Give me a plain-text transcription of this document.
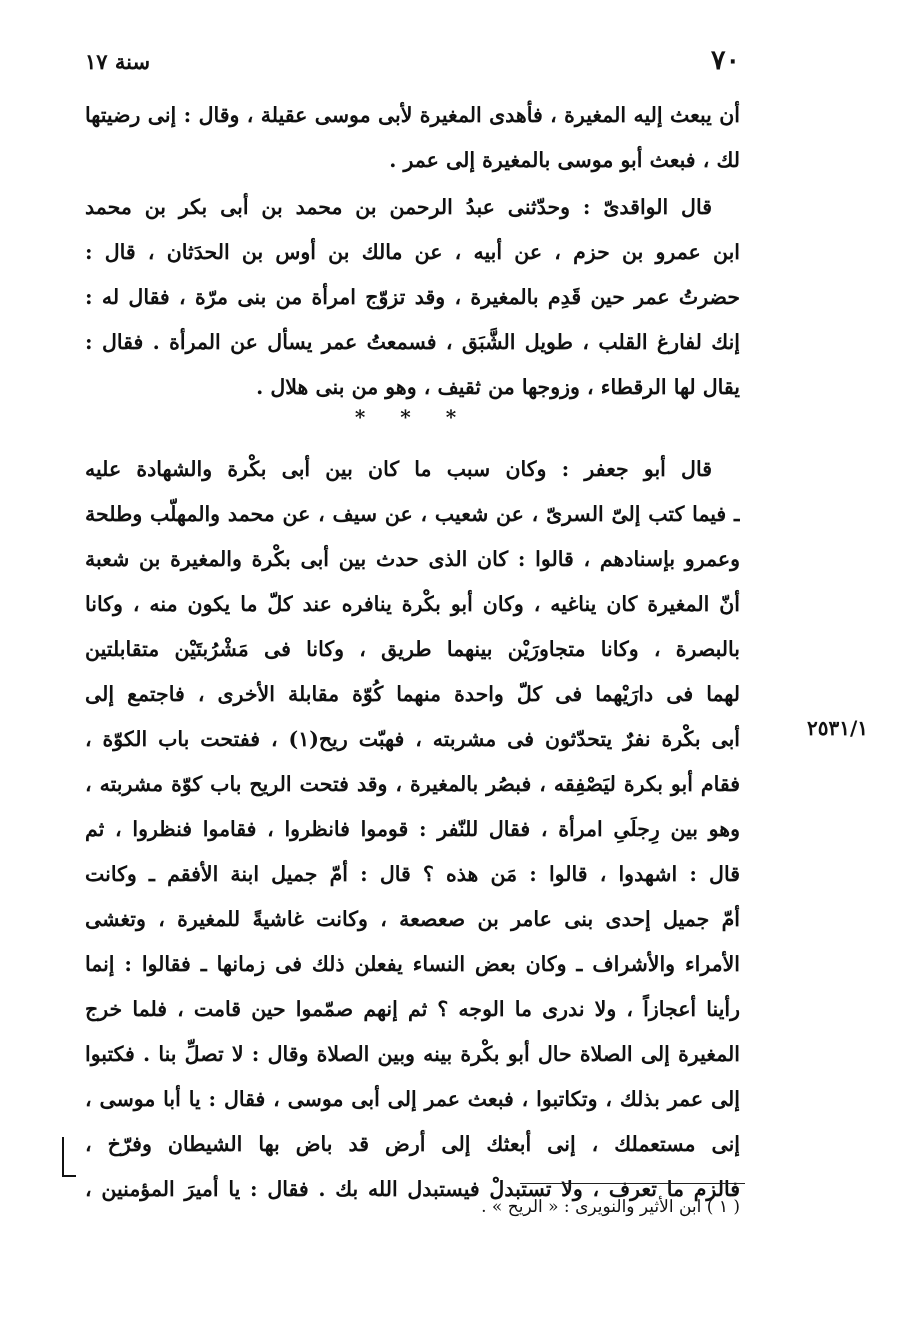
٧٠
سنة ١٧
أن يبعث إليه المغيرة ، فأهدى المغيرة لأبى موسى عقيلة ، وقال : إنى رضيتها
لك ، فبعث أبو موسى بالمغيرة إلى عمر .
قال الواقدىّ : وحدّثنى عبدُ الرحمن بن محمد بن أبى بكر بن محمد
ابن عمرو بن حزم ، عن أبيه ، عن مالك بن أوس بن الحدَثان ، قال :
حضرتُ عمر حين قَدِم بالمغيرة ، وقد تزوّج امرأة من بنى مرّة ، فقال له :
إنك لفارغ القلب ، طويل الشَّبَق ، فسمعتُ عمر يسأل عن المرأة . فقال :
يقال لها الرقطاء ، وزوجها من ثقيف ، وهو من بنى هلال .
* * *
قال أبو جعفر : وكان سبب ما كان بين أبى بكْرة والشهادة عليه
ـ فيما كتب إلىّ السرىّ ، عن شعيب ، عن سيف ، عن محمد والمهلّب وطلحة
وعمرو بإسنادهم ، قالوا : كان الذى حدث بين أبى بكْرة والمغيرة بن شعبة
أنّ المغيرة كان يناغيه ، وكان أبو بكْرة ينافره عند كلّ ما يكون منه ، وكانا
بالبصرة ، وكانا متجاورَيْن بينهما طريق ، وكانا فى مَشْرُبتَيْن متقابلتين
لهما فى دارَيْهما فى كلّ واحدة منهما كُوّة مقابلة الأخرى ، فاجتمع إلى
أبى بكْرة نفرٌ يتحدّثون فى مشربته ، فهبّت ريح(١) ، ففتحت باب الكوّة ،
فقام أبو بكرة ليَصْفِقه ، فبصُر بالمغيرة ، وقد فتحت الريح باب كوّة مشربته ،
وهو بين رِجلَىِ امرأة ، فقال للنّفر : قوموا فانظروا ، فقاموا فنظروا ، ثم
قال : اشهدوا ، قالوا : مَن هذه ؟ قال : أمّ جميل ابنة الأفقم ـ وكانت
أمّ جميل إحدى بنى عامر بن صعصعة ، وكانت غاشيةً للمغيرة ، وتغشى
الأمراء والأشراف ـ وكان بعض النساء يفعلن ذلك فى زمانها ـ فقالوا : إنما
رأينا أعجازاً ، ولا ندرى ما الوجه ؟ ثم إنهم صمّموا حين قامت ، فلما خرج
المغيرة إلى الصلاة حال أبو بكْرة بينه وبين الصلاة وقال : لا تصلِّ بنا . فكتبوا
إلى عمر بذلك ، وتكاتبوا ، فبعث عمر إلى أبى موسى ، فقال : يا أبا موسى ،
إنى مستعملك ، إنى أبعثك إلى أرض قد باض بها الشيطان وفرّخ ،
فالزم ما تعرف ، ولا تستبدلْ فيستبدل الله بك . فقال : يا أميرَ المؤمنين ،
٢٥٣١/١
( ١ ) ابن الأثير والنويرى : « الريح » .
